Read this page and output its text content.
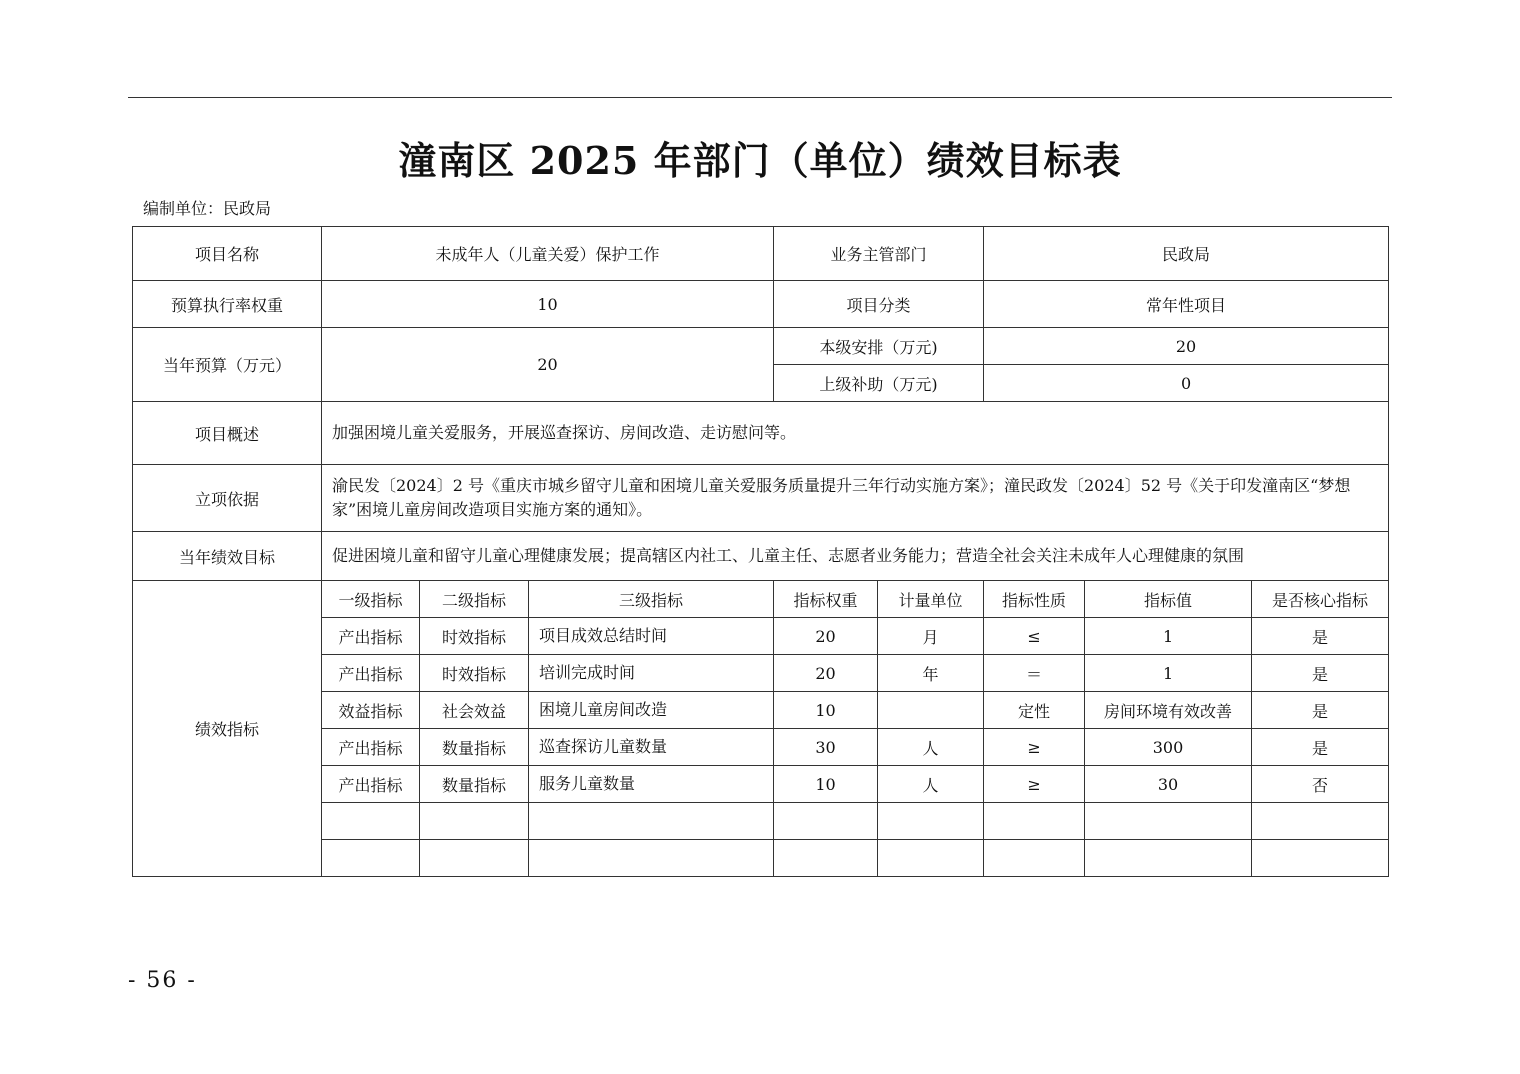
潼南区 2025 年部门（单位）绩效目标表
编制单位：民政局
项目名称	未成年人（儿童关爱）保护工作			业务主管部门		民政局		
预算执行率权重	10			项目分类		常年性项目		
当年预算（万元）	20			本级安排（万元)		20		
				上级补助（万元)		0		
项目概述	加强困境儿童关爱服务，开展巡查探访、房间改造、走访慰问等。							
立项依据	渝民发〔2024〕2 号《重庆市城乡留守儿童和困境儿童关爱服务质量提升三年行动实施方案》；潼民政发〔2024〕52 号《关于印发潼南区“梦想家”困境儿童房间改造项目实施方案的通知》。							
当年绩效目标	促进困境儿童和留守儿童心理健康发展；提高辖区内社工、儿童主任、志愿者业务能力；营造全社会关注未成年人心理健康的氛围							
绩效指标	一级指标	二级指标	三级指标	指标权重	计量单位	指标性质	指标值	是否核心指标
	产出指标	时效指标	项目成效总结时间	20	月	≤	1	是
	产出指标	时效指标	培训完成时间	20	年	＝	1	是
	效益指标	社会效益	困境儿童房间改造	10		定性	房间环境有效改善	是
	产出指标	数量指标	巡查探访儿童数量	30	人	≥	300	是
	产出指标	数量指标	服务儿童数量	10	人	≥	30	否

- 56 -
